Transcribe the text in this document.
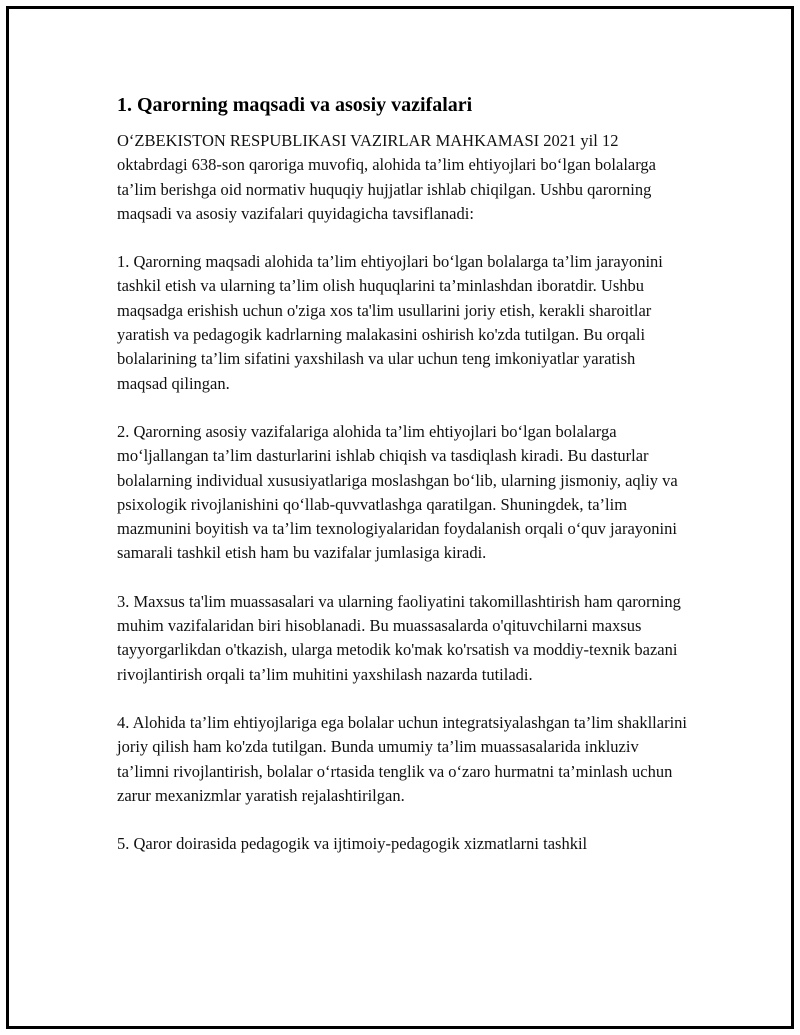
1. Qarorning maqsadi va asosiy vazifalari

O‘ZBEKISTON RESPUBLIKASI VAZIRLAR MAHKAMASI 2021 yil 12 oktabrdagi 638-son qaroriga muvofiq, alohida ta’lim ehtiyojlari bo‘lgan bolalarga ta’lim berishga oid normativ huquqiy hujjatlar ishlab chiqilgan. Ushbu qarorning maqsadi va asosiy vazifalari quyidagicha tavsiflanadi:

1. Qarorning maqsadi alohida ta’lim ehtiyojlari bo‘lgan bolalarga ta’lim jarayonini tashkil etish va ularning ta’lim olish huquqlarini ta’minlashdan iboratdir. Ushbu maqsadga erishish uchun o'ziga xos ta'lim usullarini joriy etish, kerakli sharoitlar yaratish va pedagogik kadrlarning malakasini oshirish ko'zda tutilgan. Bu orqali bolalarining ta’lim sifatini yaxshilash va ular uchun teng imkoniyatlar yaratish maqsad qilingan.

2. Qarorning asosiy vazifalariga alohida ta’lim ehtiyojlari bo‘lgan bolalarga mo‘ljallangan ta’lim dasturlarini ishlab chiqish va tasdiqlash kiradi. Bu dasturlar bolalarning individual xususiyatlariga moslashgan bo‘lib, ularning jismoniy, aqliy va psixologik rivojlanishini qo‘llab-quvvatlashga qaratilgan. Shuningdek, ta’lim mazmunini boyitish va ta’lim texnologiyalaridan foydalanish orqali o‘quv jarayonini samarali tashkil etish ham bu vazifalar jumlasiga kiradi.

3. Maxsus ta'lim muassasalari va ularning faoliyatini takomillashtirish ham qarorning muhim vazifalaridan biri hisoblanadi. Bu muassasalarda o'qituvchilarni maxsus tayyorgarlikdan o'tkazish, ularga metodik ko'mak ko'rsatish va moddiy-texnik bazani rivojlantirish orqali ta’lim muhitini yaxshilash nazarda tutiladi.

4. Alohida ta’lim ehtiyojlariga ega bolalar uchun integratsiyalashgan ta’lim shakllarini joriy qilish ham ko'zda tutilgan. Bunda umumiy ta’lim muassasalarida inkluziv ta’limni rivojlantirish, bolalar o‘rtasida tenglik va o‘zaro hurmatni ta’minlash uchun zarur mexanizmlar yaratish rejalashtirilgan.

5. Qaror doirasida pedagogik va ijtimoiy-pedagogik xizmatlarni tashkil
